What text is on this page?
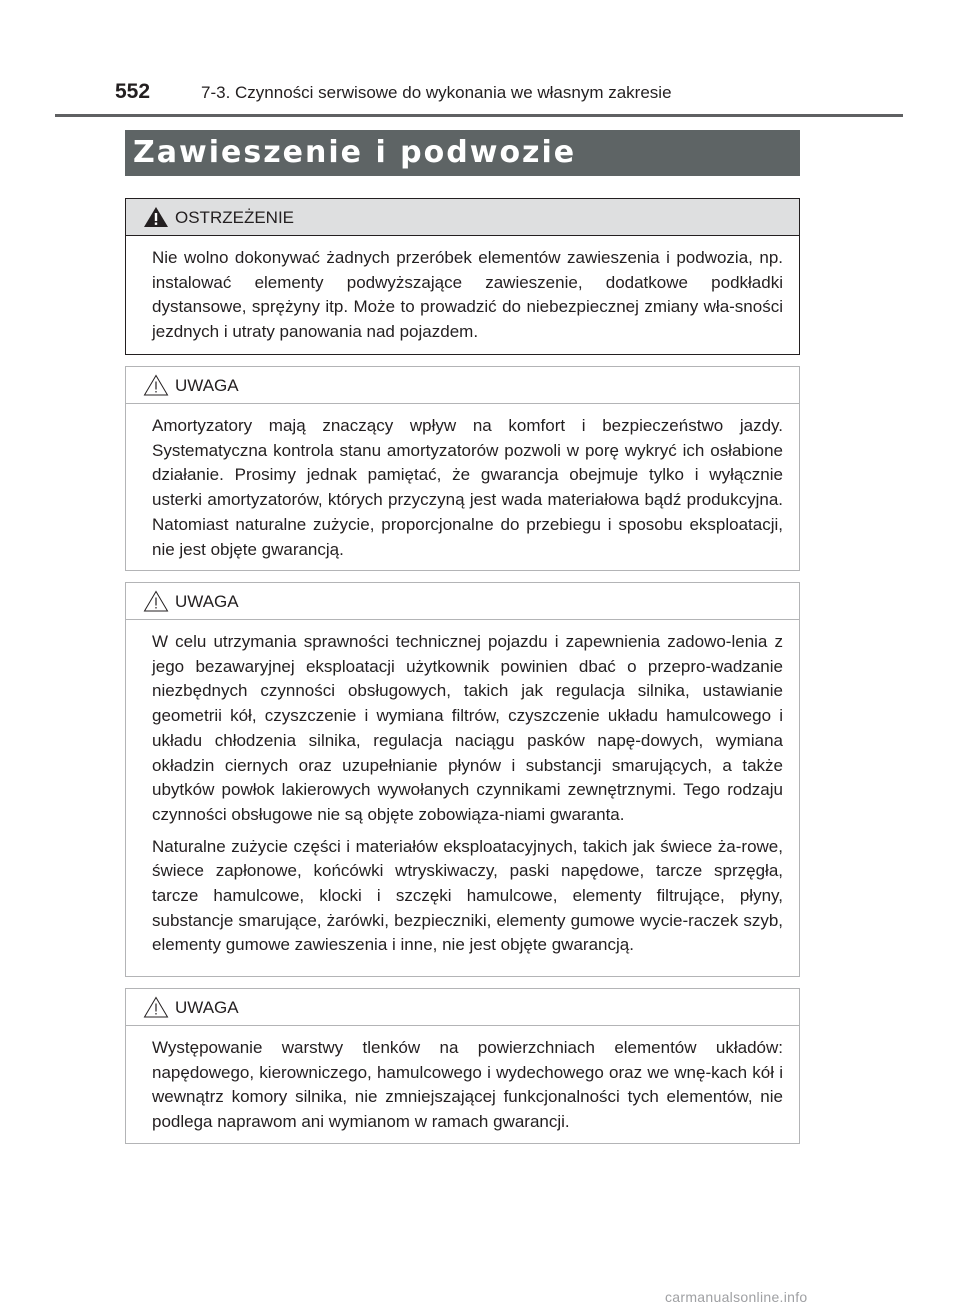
552	7-3. Czynności serwisowe do wykonania we własnym zakresie
Zawieszenie i podwozie
OSTRZEŻENIE

Nie wolno dokonywać żadnych przeróbek elementów zawieszenia i podwozia, np. instalować elementy podwyższające zawieszenie, dodatkowe podkładki dystansowe, sprężyny itp. Może to prowadzić do niebezpiecznej zmiany wła-sności jezdnych i utraty panowania nad pojazdem.

UWAGA

Amortyzatory mają znaczący wpływ na komfort i bezpieczeństwo jazdy. Systematyczna kontrola stanu amortyzatorów pozwoli w porę wykryć ich osłabione działanie. Prosimy jednak pamiętać, że gwarancja obejmuje tylko i wyłącznie usterki amortyzatorów, których przyczyną jest wada materiałowa bądź produkcyjna. Natomiast naturalne zużycie, proporcjonalne do przebiegu i sposobu eksploatacji, nie jest objęte gwarancją.

UWAGA

W celu utrzymania sprawności technicznej pojazdu i zapewnienia zadowo-lenia z jego bezawaryjnej eksploatacji użytkownik powinien dbać o przepro-wadzanie niezbędnych czynności obsługowych, takich jak regulacja silnika, ustawianie geometrii kół, czyszczenie i wymiana filtrów, czyszczenie układu hamulcowego i układu chłodzenia silnika, regulacja naciągu pasków napę-dowych, wymiana okładzin ciernych oraz uzupełnianie płynów i substancji smarujących, a także ubytków powłok lakierowych wywołanych czynnikami zewnętrznymi. Tego rodzaju czynności obsługowe nie są objęte zobowiąza-niami gwaranta.

Naturalne zużycie części i materiałów eksploatacyjnych, takich jak świece ża-rowe, świece zapłonowe, końcówki wtryskiwaczy, paski napędowe, tarcze sprzęgła, tarcze hamulcowe, klocki i szczęki hamulcowe, elementy filtrujące, płyny, substancje smarujące, żarówki, bezpieczniki, elementy gumowe wycie-raczek szyb, elementy gumowe zawieszenia i inne, nie jest objęte gwarancją.

UWAGA

Występowanie warstwy tlenków na powierzchniach elementów układów: napędowego, kierowniczego, hamulcowego i wydechowego oraz we wnę-kach kół i wewnątrz komory silnika, nie zmniejszającej funkcjonalności tych elementów, nie podlega naprawom ani wymianom w ramach gwarancji.

carmanualsonline.info
